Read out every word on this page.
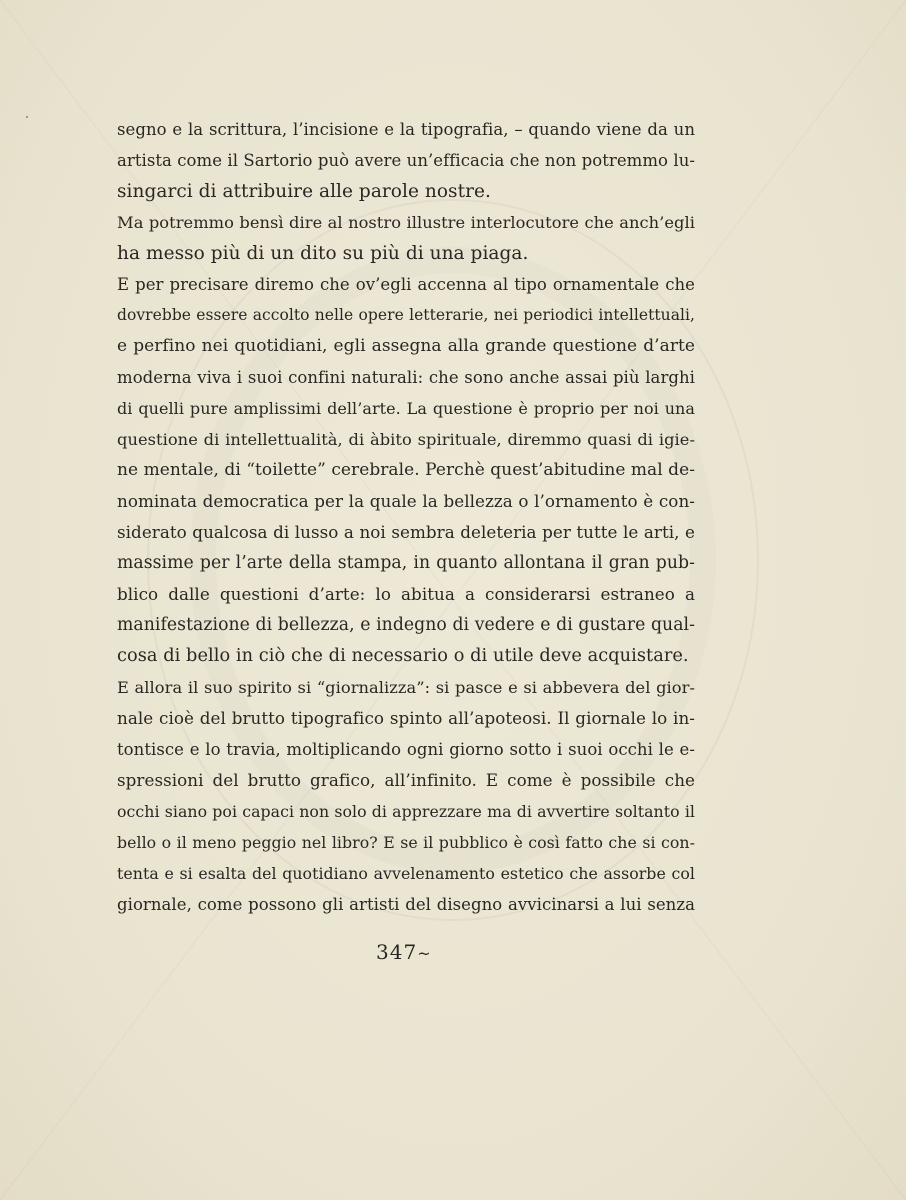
segno e la scrittura, l’incisione e la tipografia, – quando viene da un
artista come il Sartorio può avere un’efficacia che non potremmo lu-
singarci di attribuire alle parole nostre.
Ma potremmo bensì dire al nostro illustre interlocutore che anch’egli
ha messo più di un dito su più di una piaga.
E per precisare diremo che ov’egli accenna al tipo ornamentale che
dovrebbe essere accolto nelle opere letterarie, nei periodici intellettuali,
e perfino nei quotidiani, egli assegna alla grande questione d’arte
moderna viva i suoi confini naturali: che sono anche assai più larghi
di quelli pure amplissimi dell’arte. La questione è proprio per noi una
questione di intellettualità, di àbito spirituale, diremmo quasi di igie-
ne mentale, di “toilette” cerebrale. Perchè quest’abitudine mal de-
nominata democratica per la quale la bellezza o l’ornamento è con-
siderato qualcosa di lusso a noi sembra deleteria per tutte le arti, e
massime per l’arte della stampa, in quanto allontana il gran pub-
blico dalle questioni d’arte: lo abitua a considerarsi estraneo a
manifestazione di bellezza, e indegno di vedere e di gustare qual-
cosa di bello in ciò che di necessario o di utile deve acquistare.
E allora il suo spirito si “giornalizza”: si pasce e si abbevera del gior-
nale cioè del brutto tipografico spinto all’apoteosi. Il giornale lo in-
tontisce e lo travia, moltiplicando ogni giorno sotto i suoi occhi le e-
spressioni del brutto grafico, all’infinito. E come è possibile che
occhi siano poi capaci non solo di apprezzare ma di avvertire soltanto il
bello o il meno peggio nel libro? E se il pubblico è così fatto che si con-
tenta e si esalta del quotidiano avvelenamento estetico che assorbe col
giornale, come possono gli artisti del disegno avvicinarsi a lui senza
347~
